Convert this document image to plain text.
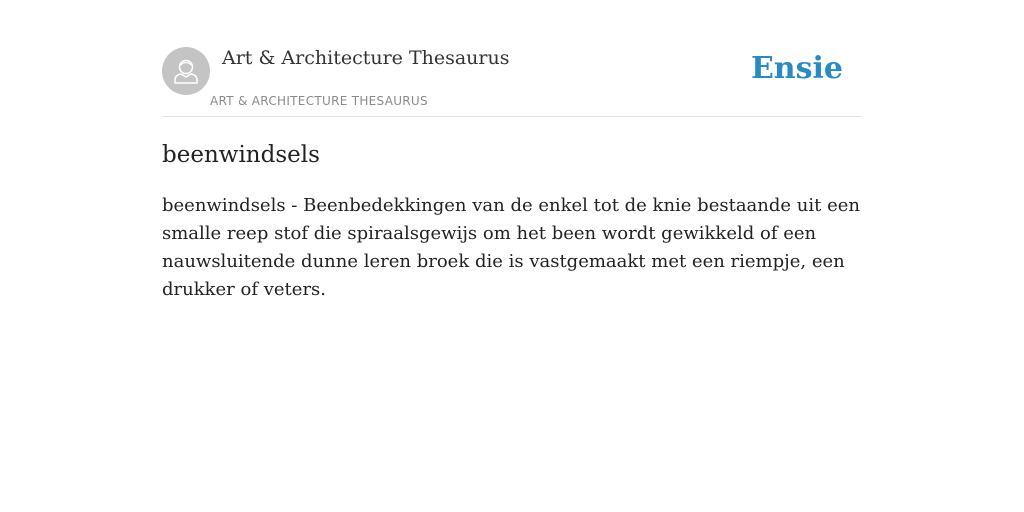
Art & Architecture Thesaurus
ART & ARCHITECTURE THESAURUS
Ensie
beenwindsels

beenwindsels - Beenbedekkingen van de enkel tot de knie bestaande uit een smalle reep stof die spiraalsgewijs om het been wordt gewikkeld of een nauwsluitende dunne leren broek die is vastgemaakt met een riempje, een drukker of veters.
